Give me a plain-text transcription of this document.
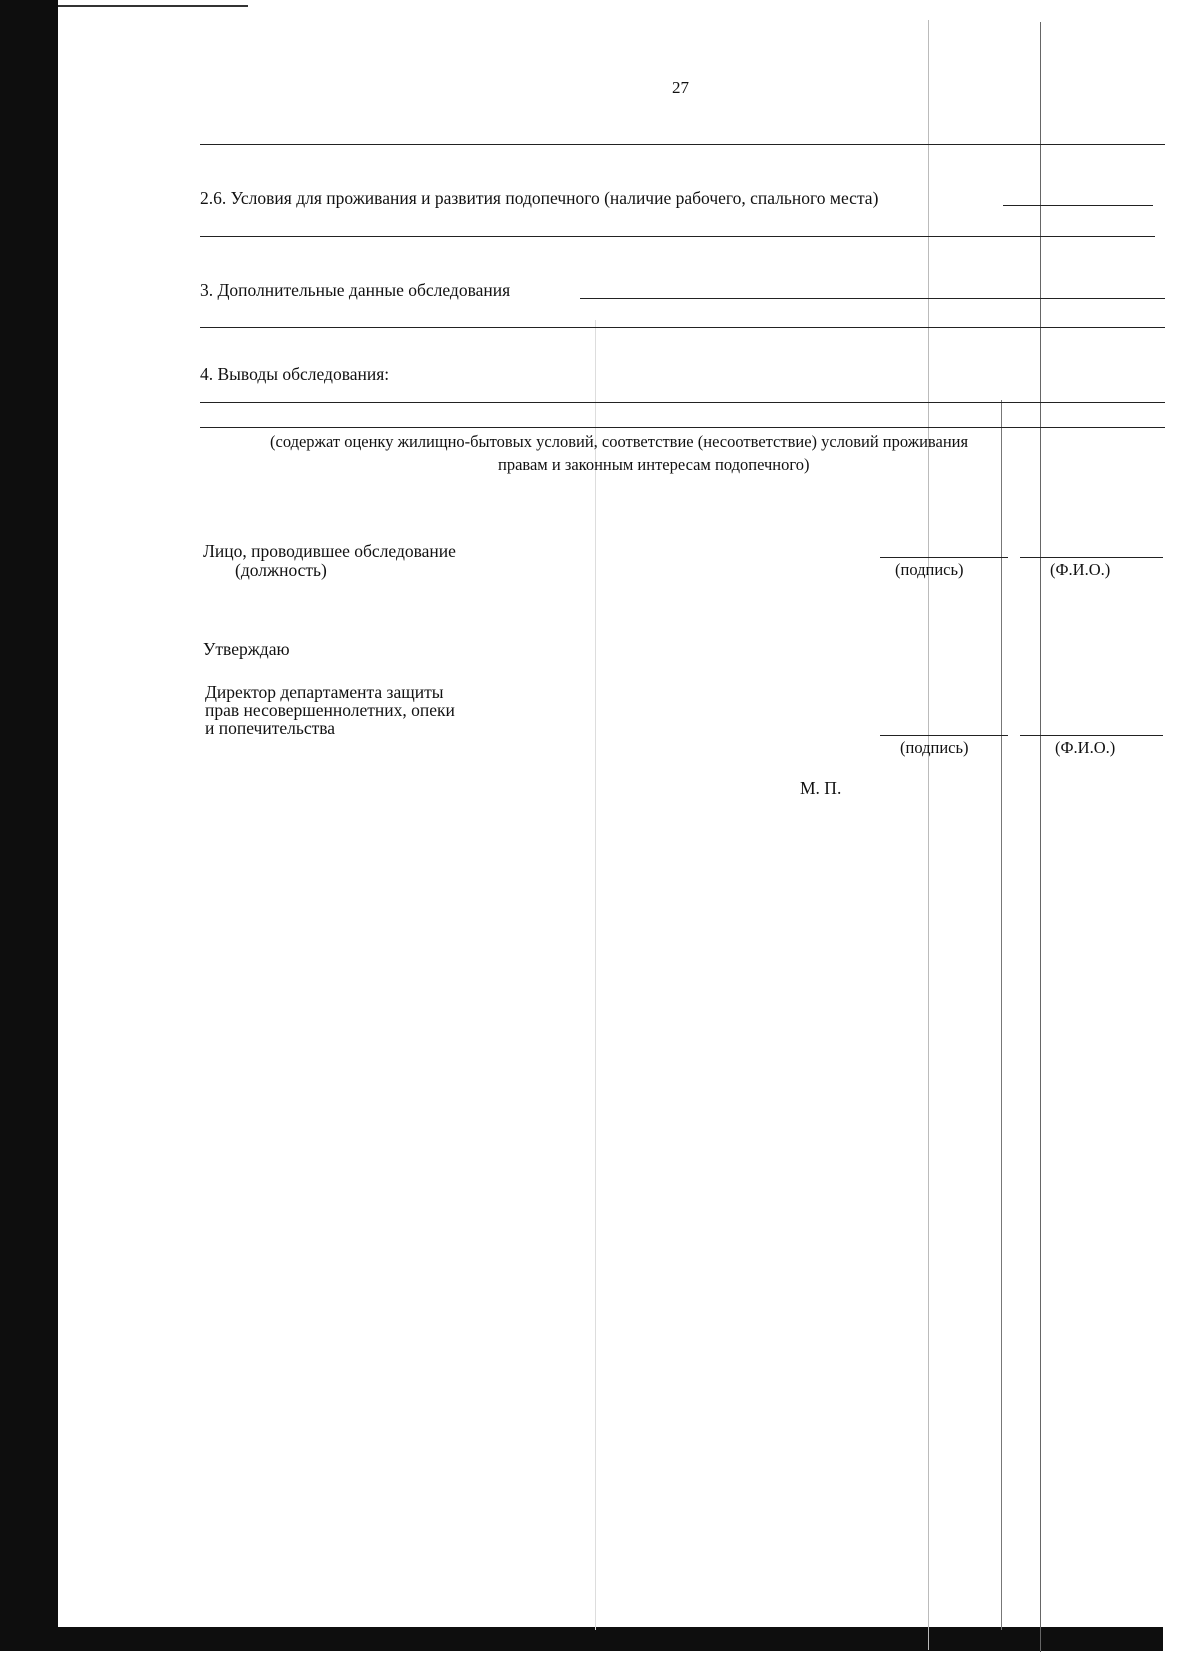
27
2.6. Условия для проживания и развития подопечного (наличие рабочего, спального места)
3. Дополнительные данные обследования
4. Выводы обследования:
(содержат оценку жилищно-бытовых условий, соответствие (несоответствие) условий проживания
правам и законным интересам подопечного)
Лицо, проводившее обследование
(должность)	(подпись)	(Ф.И.О.)
Утверждаю
Директор департамента защиты
прав несовершеннолетних, опеки
и попечительства
(подпись)	(Ф.И.О.)
М. П.
